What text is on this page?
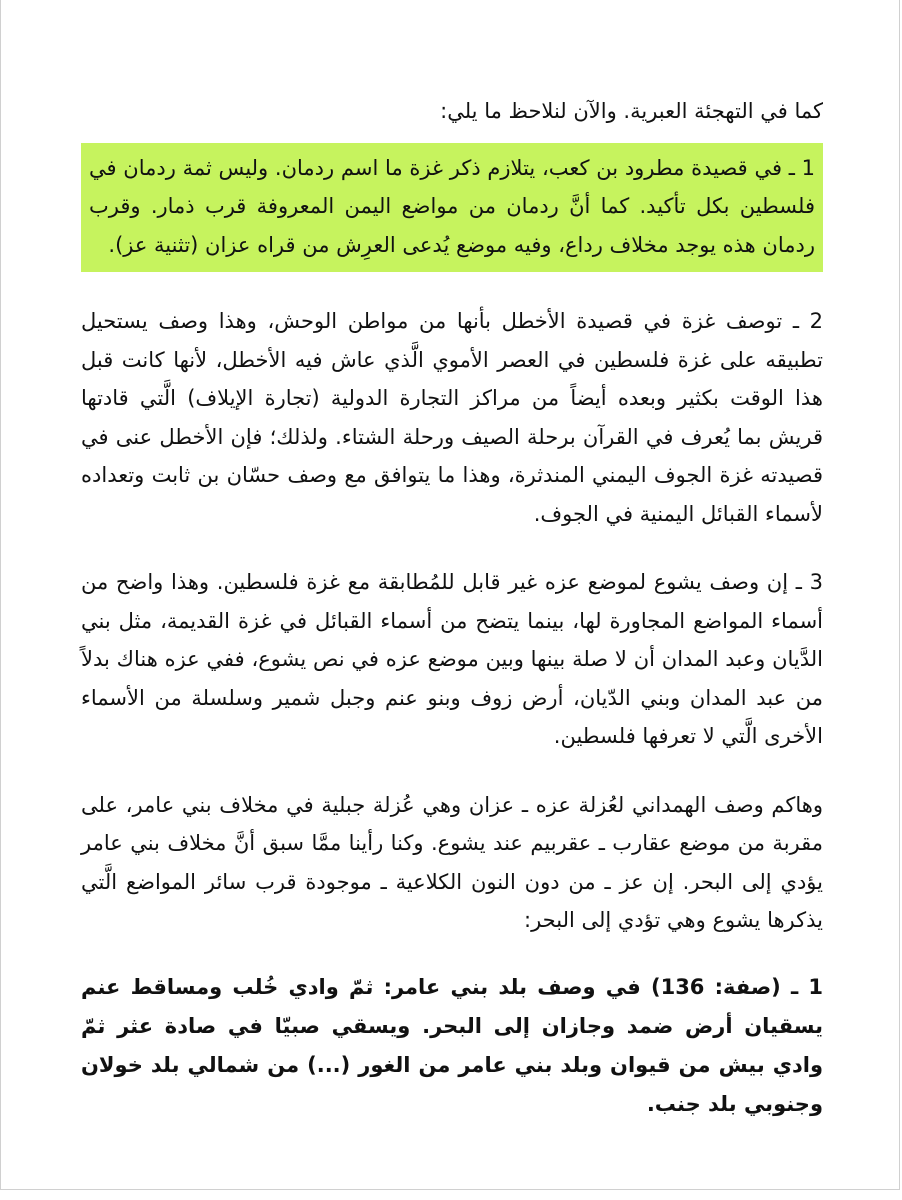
كما في التهجئة العبرية. والآن لنلاحظ ما يلي:

1 ـ في قصيدة مطرود بن كعب، يتلازم ذكر غزة ما اسم ردمان. وليس ثمة ردمان في فلسطين بكل تأكيد. كما أنَّ ردمان من مواضع اليمن المعروفة قرب ذمار. وقرب ردمان هذه يوجد مخلاف رداع، وفيه موضع يُدعى العرِش من قراه عزان (تثنية عز).

2 ـ توصف غزة في قصيدة الأخطل بأنها من مواطن الوحش، وهذا وصف يستحيل تطبيقه على غزة فلسطين في العصر الأموي الَّذي عاش فيه الأخطل، لأنها كانت قبل هذا الوقت بكثير وبعده أيضاً من مراكز التجارة الدولية (تجارة الإيلاف) الَّتي قادتها قريش بما يُعرف في القرآن برحلة الصيف ورحلة الشتاء. ولذلك؛ فإن الأخطل عنى في قصيدته غزة الجوف اليمني المندثرة، وهذا ما يتوافق مع وصف حسّان بن ثابت وتعداده لأسماء القبائل اليمنية في الجوف.

3 ـ إن وصف يشوع لموضع عزه غير قابل للمُطابقة مع غزة فلسطين. وهذا واضح من أسماء المواضع المجاورة لها، بينما يتضح من أسماء القبائل في غزة القديمة، مثل بني الدَّيان وعبد المدان أن لا صلة بينها وبين موضع عزه في نص يشوع، ففي عزه هناك بدلاً من عبد المدان وبني الدّيان، أرض زوف وبنو عنم وجبل شمير وسلسلة من الأسماء الأخرى الَّتي لا تعرفها فلسطين.

وهاكم وصف الهمداني لعُزلة عزه ـ عزان وهي عُزلة جبلية في مخلاف بني عامر، على مقربة من موضع عقارب ـ عقربيم عند يشوع. وكنا رأينا ممَّا سبق أنَّ مخلاف بني عامر يؤدي إلى البحر. إن عز ـ من دون النون الكلاعية ـ موجودة قرب سائر المواضع الَّتي يذكرها يشوع وهي تؤدي إلى البحر:

1 ـ (صفة: 136) في وصف بلد بني عامر: ثمّ وادي خُلب ومساقط عنم يسقيان أرض ضمد وجازان إلى البحر. ويسقي صبيّا في صادة عثر ثمّ وادي بيش من قيوان وبلد بني عامر من الغور (...) من شمالي بلد خولان وجنوبي بلد جنب.
